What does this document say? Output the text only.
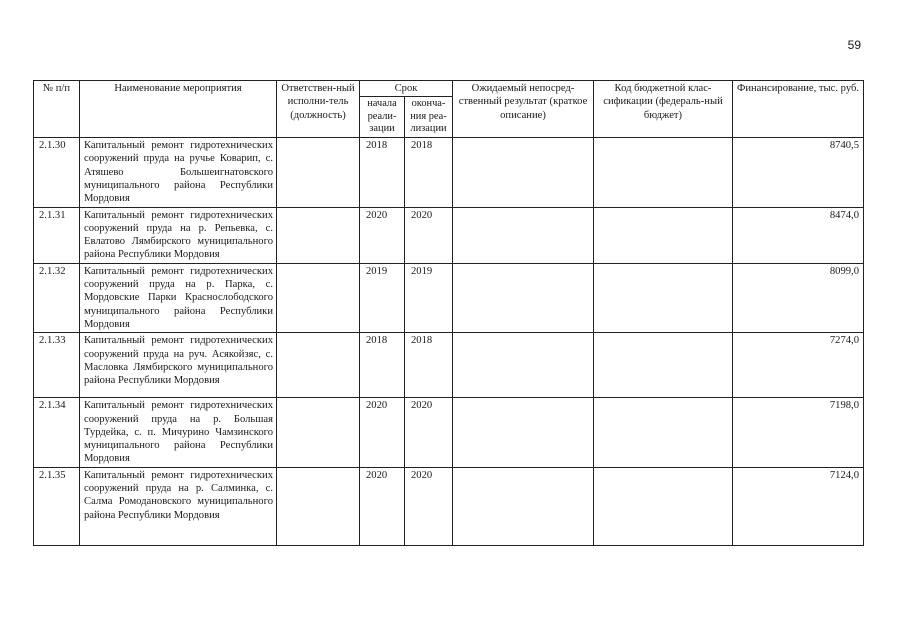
59
№ п/п	Наименование мероприятия	Ответствен-ный исполни-тель (должность)	Срок		Ожидаемый непосред-ственный результат (краткое описание)	Код бюджетной клас-сификации (федераль-ный бюджет)	Финансирование, тыс. руб.
			начала реали-зации	оконча-ния реа-лизации			
2.1.30	Капитальный ремонт гидротехнических сооружений пруда на ручье Коварип, с. Атяшево Большеигнатовского муниципального района Республики Мордовия		2018	2018			8740,5
2.1.31	Капитальный ремонт гидротехнических сооружений пруда на р. Репьевка, с. Евлатово Лямбирского муниципального района Республики Мордовия		2020	2020			8474,0
2.1.32	Капитальный ремонт гидротехнических сооружений пруда на р. Парка, с. Мордовские Парки Краснослободского муниципального района Республики Мордовия		2019	2019			8099,0
2.1.33	Капитальный ремонт гидротехнических сооружений пруда на руч. Асякойзяс, с. Масловка Лямбирского муниципального района Республики Мордовия		2018	2018			7274,0
2.1.34	Капитальный ремонт гидротехнических сооружений пруда на р. Большая Турдейка, с. п. Мичурино Чамзинского муниципального района Республики Мордовия		2020	2020			7198,0
2.1.35	Капитальный ремонт гидротехнических сооружений пруда на р. Салминка, с. Салма Ромодановского муниципального района Республики Мордовия		2020	2020			7124,0
